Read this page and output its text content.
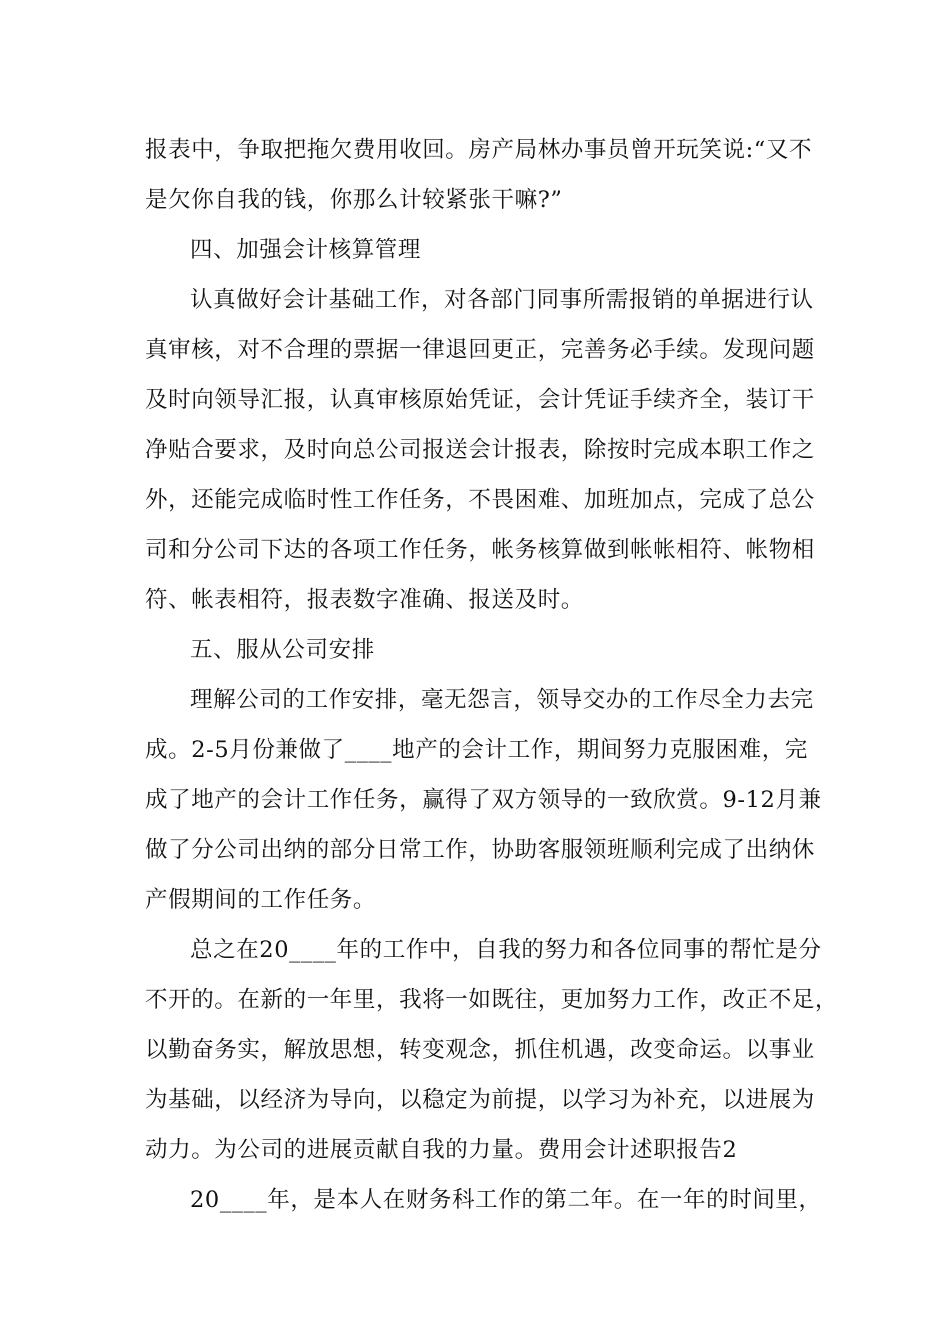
报表中，争取把拖欠费用收回。房产局林办事员曾开玩笑说:“又不
是欠你自我的钱，你那么计较紧张干嘛?”
四、加强会计核算管理
认真做好会计基础工作，对各部门同事所需报销的单据进行认
真审核，对不合理的票据一律退回更正，完善务必手续。发现问题
及时向领导汇报，认真审核原始凭证，会计凭证手续齐全，装订干
净贴合要求，及时向总公司报送会计报表，除按时完成本职工作之
外，还能完成临时性工作任务，不畏困难、加班加点，完成了总公
司和分公司下达的各项工作任务，帐务核算做到帐帐相符、帐物相
符、帐表相符，报表数字准确、报送及时。
五、服从公司安排
理解公司的工作安排，毫无怨言，领导交办的工作尽全力去完
成。2-5月份兼做了____地产的会计工作，期间努力克服困难，完
成了地产的会计工作任务，赢得了双方领导的一致欣赏。9-12月兼
做了分公司出纳的部分日常工作，协助客服领班顺利完成了出纳休
产假期间的工作任务。
总之在20____年的工作中，自我的努力和各位同事的帮忙是分
不开的。在新的一年里，我将一如既往，更加努力工作，改正不足，
以勤奋务实，解放思想，转变观念，抓住机遇，改变命运。以事业
为基础，以经济为导向，以稳定为前提，以学习为补充，以进展为
动力。为公司的进展贡献自我的力量。费用会计述职报告2
20____年，是本人在财务科工作的第二年。在一年的时间里，
